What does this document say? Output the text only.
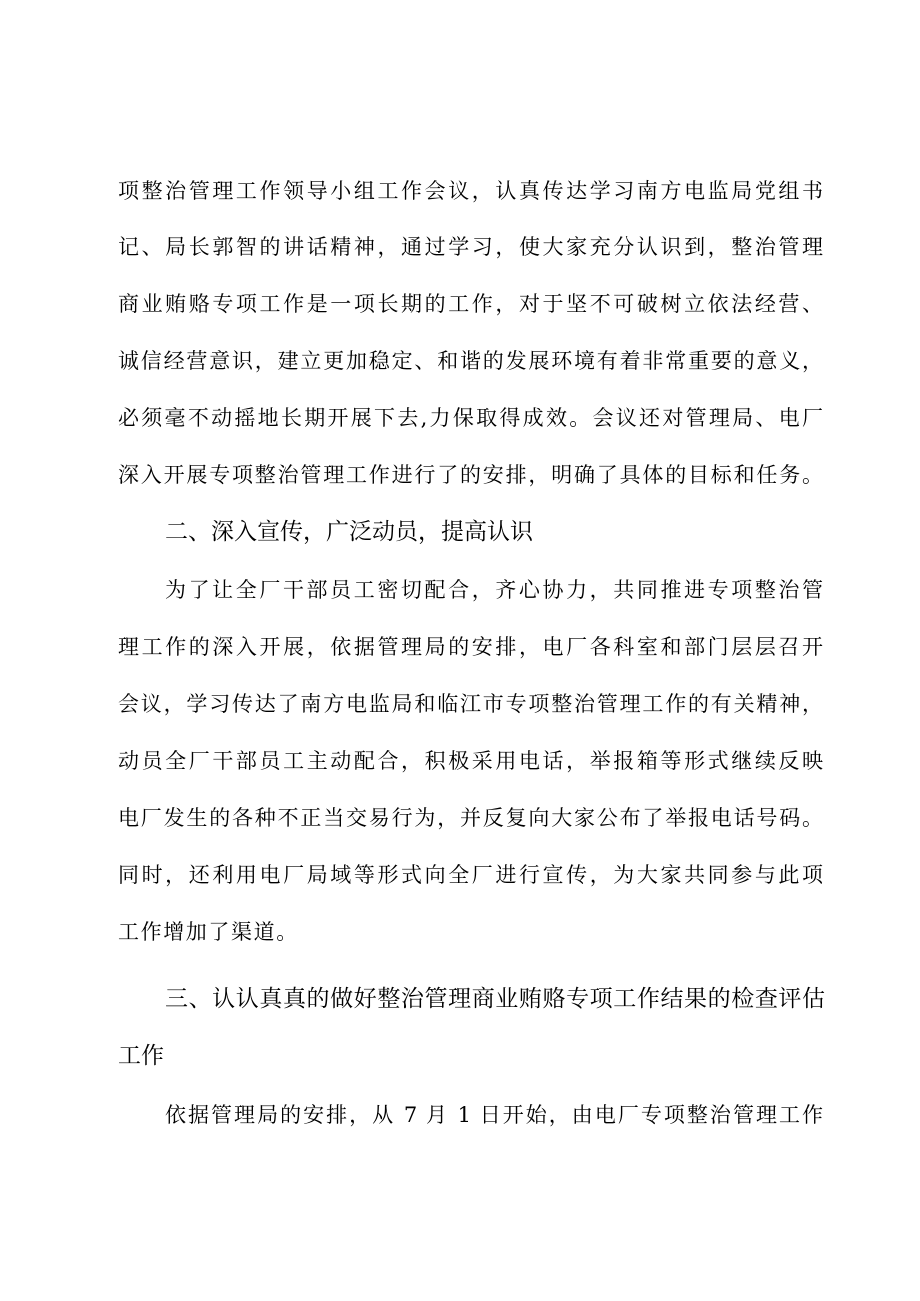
项整治管理工作领导小组工作会议，认真传达学习南方电监局党组书

记、局长郭智的讲话精神，通过学习，使大家充分认识到，整治管理

商业贿赂专项工作是一项长期的工作，对于坚不可破树立依法经营、

诚信经营意识，建立更加稳定、和谐的发展环境有着非常重要的意义，

必须毫不动摇地长期开展下去,力保取得成效。会议还对管理局、电厂

深入开展专项整治管理工作进行了的安排，明确了具体的目标和任务。

二、深入宣传，广泛动员，提高认识

为了让全厂干部员工密切配合，齐心协力，共同推进专项整治管

理工作的深入开展，依据管理局的安排，电厂各科室和部门层层召开

会议，学习传达了南方电监局和临江市专项整治管理工作的有关精神，

动员全厂干部员工主动配合，积极采用电话，举报箱等形式继续反映

电厂发生的各种不正当交易行为，并反复向大家公布了举报电话号码。

同时，还利用电厂局域等形式向全厂进行宣传，为大家共同参与此项

工作增加了渠道。

三、认认真真的做好整治管理商业贿赂专项工作结果的检查评估
工作

依据管理局的安排，从 7 月 1 日开始，由电厂专项整治管理工作
